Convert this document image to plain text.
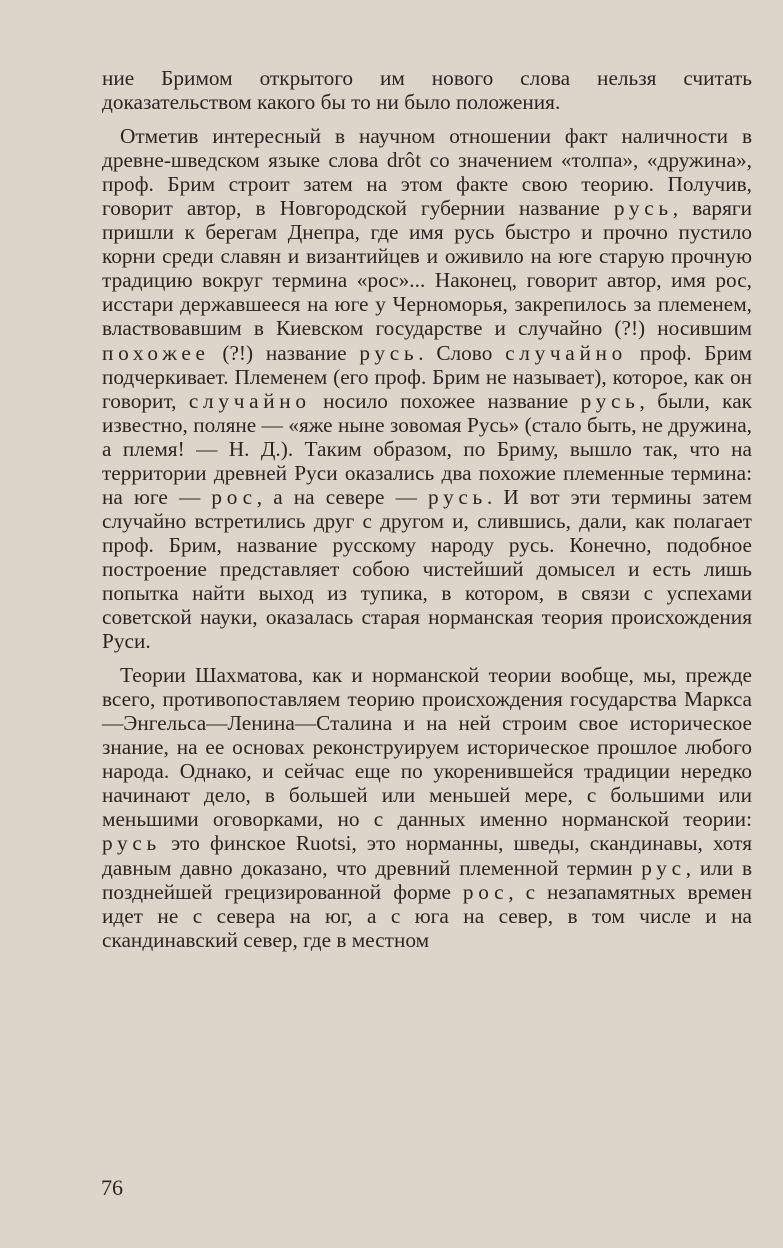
ние Бримом открытого им нового слова нельзя считать доказательством какого бы то ни было положения.

Отметив интересный в научном отношении факт наличности в древне-шведском языке слова drôt со значением «толпа», «дружина», проф. Брим строит затем на этом факте свою теорию. Получив, говорит автор, в Новгородской губернии название русь, варяги пришли к берегам Днепра, где имя русь быстро и прочно пустило корни среди славян и византийцев и оживило на юге старую прочную традицию вокруг термина «рос»... Наконец, говорит автор, имя рос, исстари державшееся на юге у Черноморья, закрепилось за племенем, властвовавшим в Киевском государстве и случайно (?!) носившим похожее (?!) название русь. Слово случайно проф. Брим подчеркивает. Племенем (его проф. Брим не называет), которое, как он говорит, случайно носило похожее название русь, были, как известно, поляне — «яже ныне зовомая Русь» (стало быть, не дружина, а племя! — Н. Д.). Таким образом, по Бриму, вышло так, что на территории древней Руси оказались два похожие племенные термина: на юге — рос, а на севере — русь. И вот эти термины затем случайно встретились друг с другом и, слившись, дали, как полагает проф. Брим, название русскому народу русь. Конечно, подобное построение представляет собою чистейший домысел и есть лишь попытка найти выход из тупика, в котором, в связи с успехами советской науки, оказалась старая норманская теория происхождения Руси.

Теории Шахматова, как и норманской теории вообще, мы, прежде всего, противопоставляем теорию происхождения государства Маркса—Энгельса—Ленина—Сталина и на ней строим свое историческое знание, на ее основах реконструируем историческое прошлое любого народа. Однако, и сейчас еще по укоренившейся традиции нередко начинают дело, в большей или меньшей мере, с большими или меньшими оговорками, но с данных именно норманской теории: русь это финское Ruotsi, это норманны, шведы, скандинавы, хотя давным давно доказано, что древний племенной термин рус, или в позднейшей грецизированной форме рос, с незапамятных времен идет не с севера на юг, а с юга на север, в том числе и на скандинавский север, где в местном

76
